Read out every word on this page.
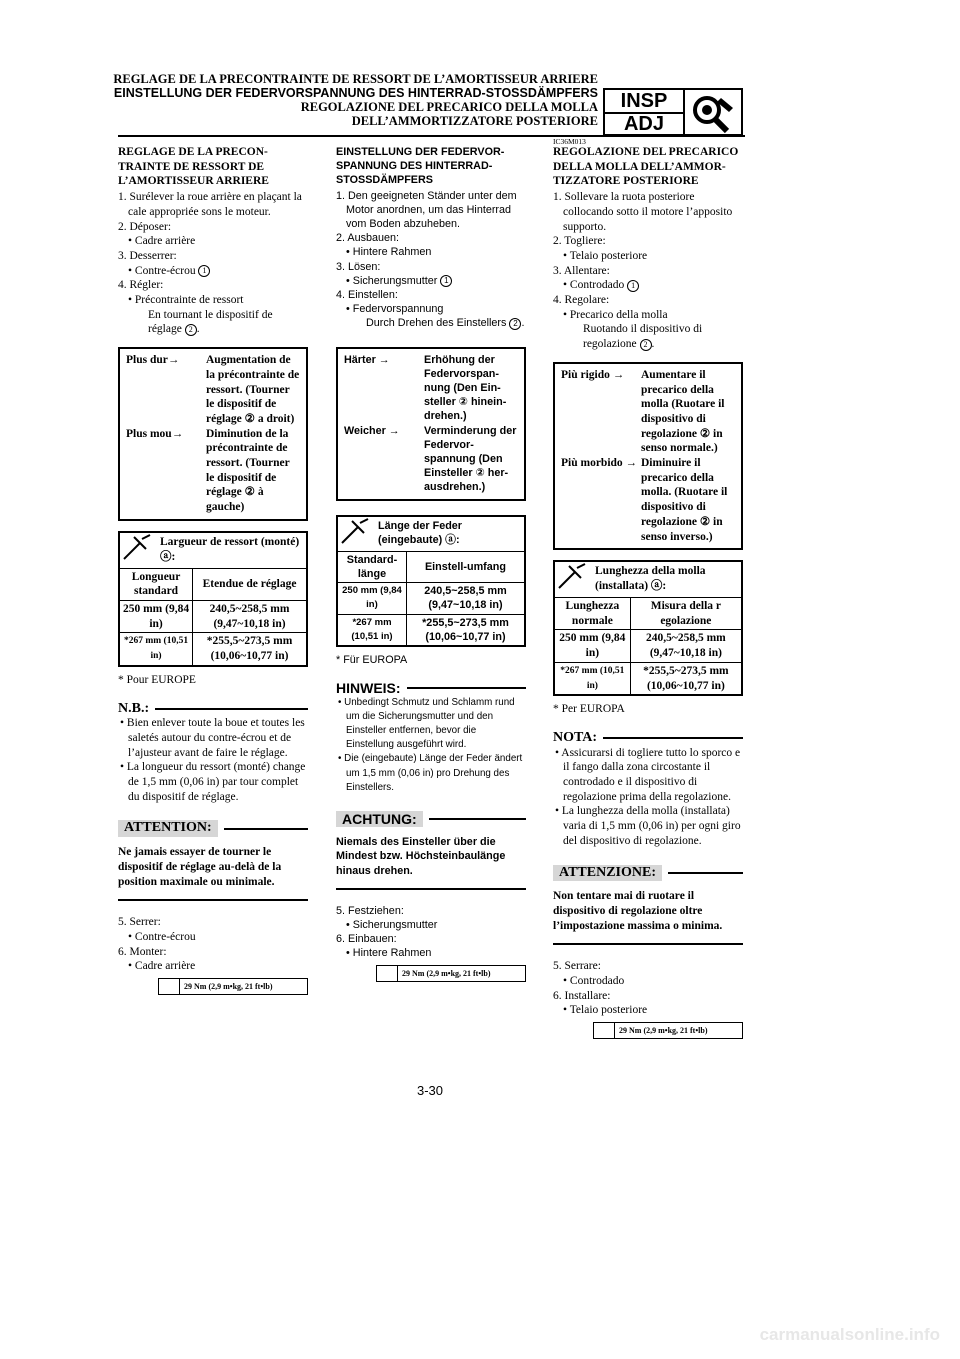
REGLAGE DE LA PRECONTRAINTE DE RESSORT DE L’AMORTISSEUR ARRIERE
EINSTELLUNG DER FEDERVORSPANNUNG DES HINTERRAD-STOSSDÄMPFERS
REGOLAZIONE DEL PRECARICO DELLA MOLLA
DELL’AMMORTIZZATORE POSTERIORE
INSP
ADJ
IC36M013

REGLAGE DE LA PRECON-TRAINTE DE RESSORT DE L’AMORTISSEUR ARRIERE

1. Surélever la roue arrière en plaçant la cale appropriée sons le moteur.

2. Déposer:

• Cadre arrière

3. Desserrer:

• Contre-écrou 1

4. Régler:

• Précontrainte de ressort

En tournant le dispositif de réglage 2 .

Plus dur→	Augmentation de la précontrainte de ressort. (Tourner le dispositif de réglage ② a droit)
Plus mou→	Diminution de la précontrainte de ressort. (Tourner le dispositif de réglage ② à gauche)
Largueur de ressort (monté) ⓐ:
Longueur standard	Etendue de réglage
250 mm (9,84 in)	240,5~258,5 mm (9,47~10,18 in)
*267 mm (10,51 in)	*255,5~273,5 mm (10,06~10,77 in)

* Pour EUROPE

N.B.:

• Bien enlever toute la boue et toutes les saletés autour du contre-écrou et de l’ajusteur avant de faire le réglage.

• La longueur du ressort (monté) change de 1,5 mm (0,06 in) par tour complet du dispositif de réglage.

ATTENTION:

Ne jamais essayer de tourner le dispositif de réglage au-delà de la position maximale ou minimale.

5. Serrer:

• Contre-écrou

6. Monter:

• Cadre arrière

29 Nm (2,9 m•kg, 21 ft•lb)

EINSTELLUNG DER FEDERVOR-SPANNUNG DES HINTERRAD-STOSSDÄMPFERS

1. Den geeigneten Ständer unter dem Motor anordnen, um das Hinterrad vom Boden abzuheben.

2. Ausbauen:

• Hintere Rahmen

3. Lösen:

• Sicherungsmutter 1

4. Einstellen:

• Federvorspannung

Durch Drehen des Einstellers 2 .

Härter →	Erhöhung der Federvorspan-nung (Den Ein-steller ② hinein-drehen.)
Weicher →	Verminderung der Federvor-spannung (Den Einsteller ② her-ausdrehen.)
Länge der Feder (eingebaute) ⓐ:
Standard-länge	Einstell-umfang
250 mm (9,84 in)	240,5~258,5 mm (9,47~10,18 in)
*267 mm (10,51 in)	*255,5~273,5 mm (10,06~10,77 in)

* Für EUROPA

HINWEIS:

• Unbedingt Schmutz und Schlamm rund um die Sicherungsmutter und den Einsteller entfernen, bevor die Einstellung ausgeführt wird.

• Die (eingebaute) Länge der Feder ändert um 1,5 mm (0,06 in) pro Drehung des Einstellers.

ACHTUNG:

Niemals des Einsteller über die Mindest bzw. Höchsteinbaulänge hinaus drehen.

5. Festziehen:

• Sicherungsmutter

6. Einbauen:

• Hintere Rahmen

29 Nm (2,9 m•kg, 21 ft•lb)

REGOLAZIONE DEL PRECARICO DELLA MOLLA DELL’AMMOR-TIZZATORE POSTERIORE

1. Sollevare la ruota posteriore collocando sotto il motore l’apposito supporto.

2. Togliere:

• Telaio posteriore

3. Allentare:

• Controdado 1

4. Regolare:

• Precarico della molla

Ruotando il dispositivo di regolazione 2 .

Più rigido →	Aumentare il precarico della molla (Ruotare il dispositivo di regolazione ② in senso normale.)
Più morbido →	Diminuire il precarico della molla. (Ruotare il dispositivo di regolazione ② in senso inverso.)
Lunghezza della molla (installata) ⓐ:
Lunghezza normale	Misura della r egolazione
250 mm (9,84 in)	240,5~258,5 mm (9,47~10,18 in)
*267 mm (10,51 in)	*255,5~273,5 mm (10,06~10,77 in)

* Per EUROPA

NOTA:

• Assicurarsi di togliere tutto lo sporco e il fango dalla zona circostante il controdado e il dispositivo di regolazione prima della regolazione.

• La lunghezza della molla (installata) varia di 1,5 mm (0,06 in) per ogni giro del dispositivo di regolazione.

ATTENZIONE:

Non tentare mai di ruotare il dispositivo di regolazione oltre l’impostazione massima o minima.

5. Serrare:

• Controdado

6. Installare:

• Telaio posteriore

29 Nm (2,9 m•kg, 21 ft•lb)
3-30
carmanualsonline.info
